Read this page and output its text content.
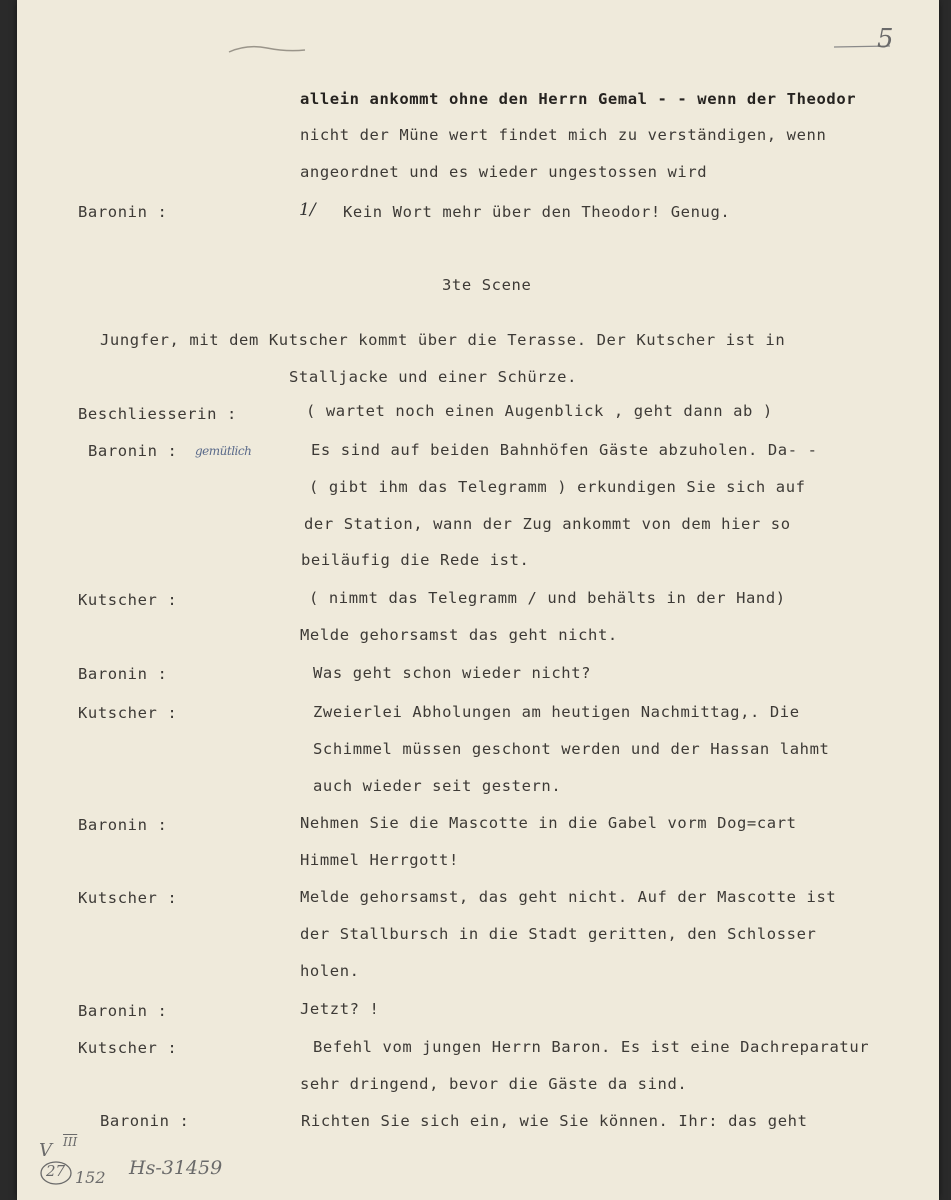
5
allein ankommt ohne den Herrn Gemal - - wenn der Theodor
nicht der Müne wert findet mich zu verständigen, wenn
angeordnet und es wieder ungestossen wird
Baronin :	1/ Kein Wort mehr über den Theodor! Genug.
3te Scene
Jungfer, mit dem Kutscher kommt über die Terasse. Der Kutscher ist in
Stalljacke und einer Schürze.
Beschliesserin :	( wartet noch einen Augenblick , geht dann ab )
Baronin : gemütlich	Es sind auf beiden Bahnhöfen Gäste abzuholen. Da- -
( gibt ihm das Telegramm ) erkundigen Sie sich auf
der Station, wann der Zug ankommt von dem hier so
beiläufig die Rede ist.
Kutscher :	( nimmt das Telegramm / und behälts in der Hand)
Melde gehorsamst das geht nicht.
Baronin :	Was geht schon wieder nicht?
Kutscher :	Zweierlei Abholungen am heutigen Nachmittag,. Die
Schimmel müssen geschont werden und der Hassan lahmt
auch wieder seit gestern.
Baronin :	Nehmen Sie die Mascotte in die Gabel vorm Dog=cart
Himmel Herrgott!
Kutscher :	Melde gehorsamst, das geht nicht. Auf der Mascotte ist
der Stallbursch in die Stadt geritten, den Schlosser
holen.
Baronin :	Jetzt? !
Kutscher :	Befehl vom jungen Herrn Baron. Es ist eine Dachreparatur
sehr dringend, bevor die Gäste da sind.
Baronin :	Richten Sie sich ein, wie Sie können. Ihr: das geht
V $\overline{III}$
27 152 Hs-31459
